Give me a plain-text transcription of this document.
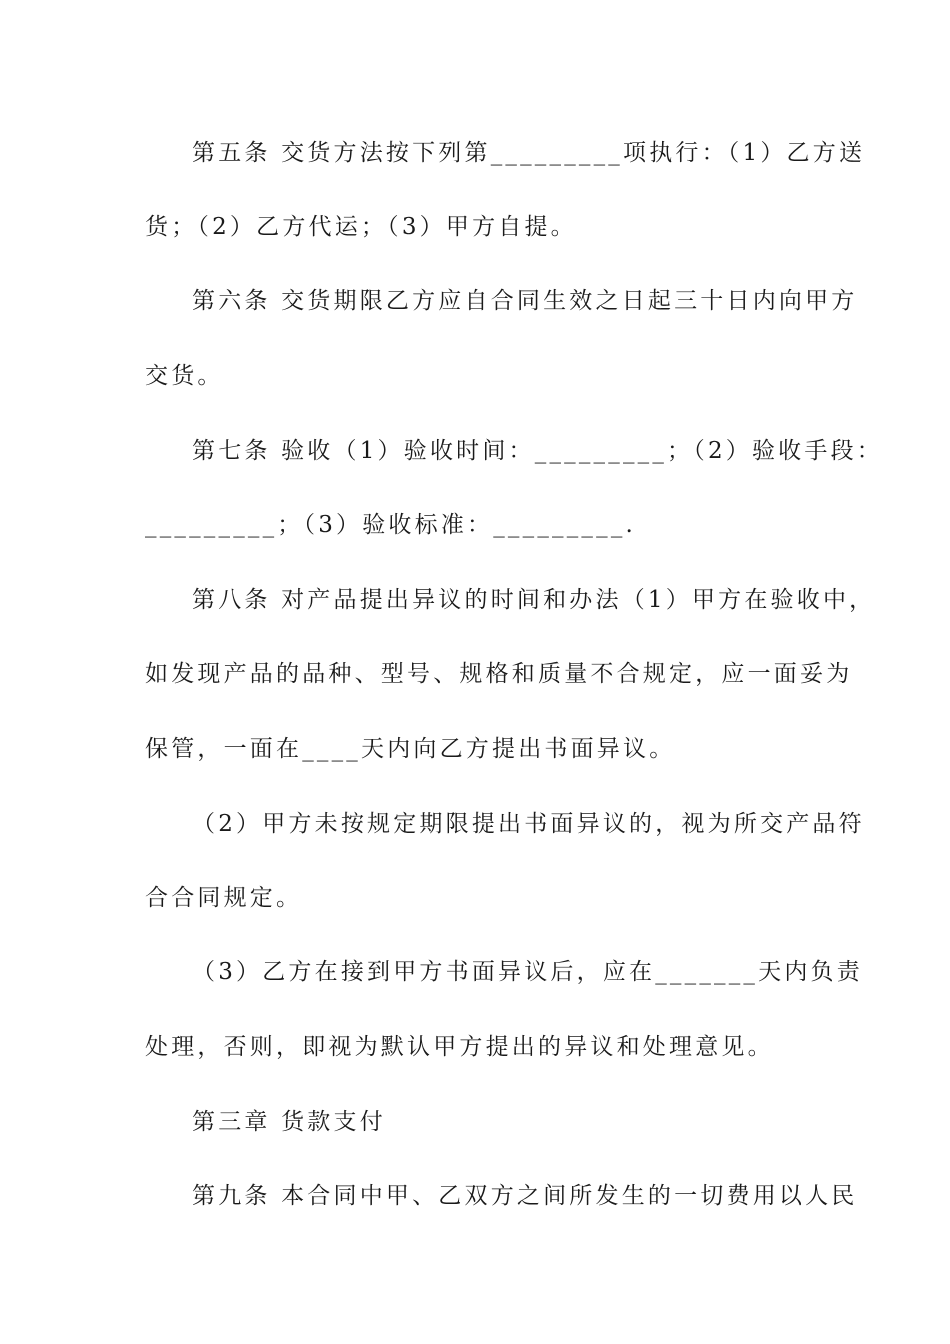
第五条 交货方法按下列第_________项执行：（1）乙方送
货；（2）乙方代运；（3）甲方自提。
第六条 交货期限乙方应自合同生效之日起三十日内向甲方
交货。
第七条 验收（1）验收时间：_________；（2）验收手段：
_________；（3）验收标准：_________.
第八条 对产品提出异议的时间和办法（1）甲方在验收中，
如发现产品的品种、型号、规格和质量不合规定，应一面妥为
保管，一面在____天内向乙方提出书面异议。
（2）甲方未按规定期限提出书面异议的，视为所交产品符
合合同规定。
（3）乙方在接到甲方书面异议后，应在_______天内负责
处理，否则，即视为默认甲方提出的异议和处理意见。
第三章 货款支付
第九条 本合同中甲、乙双方之间所发生的一切费用以人民
